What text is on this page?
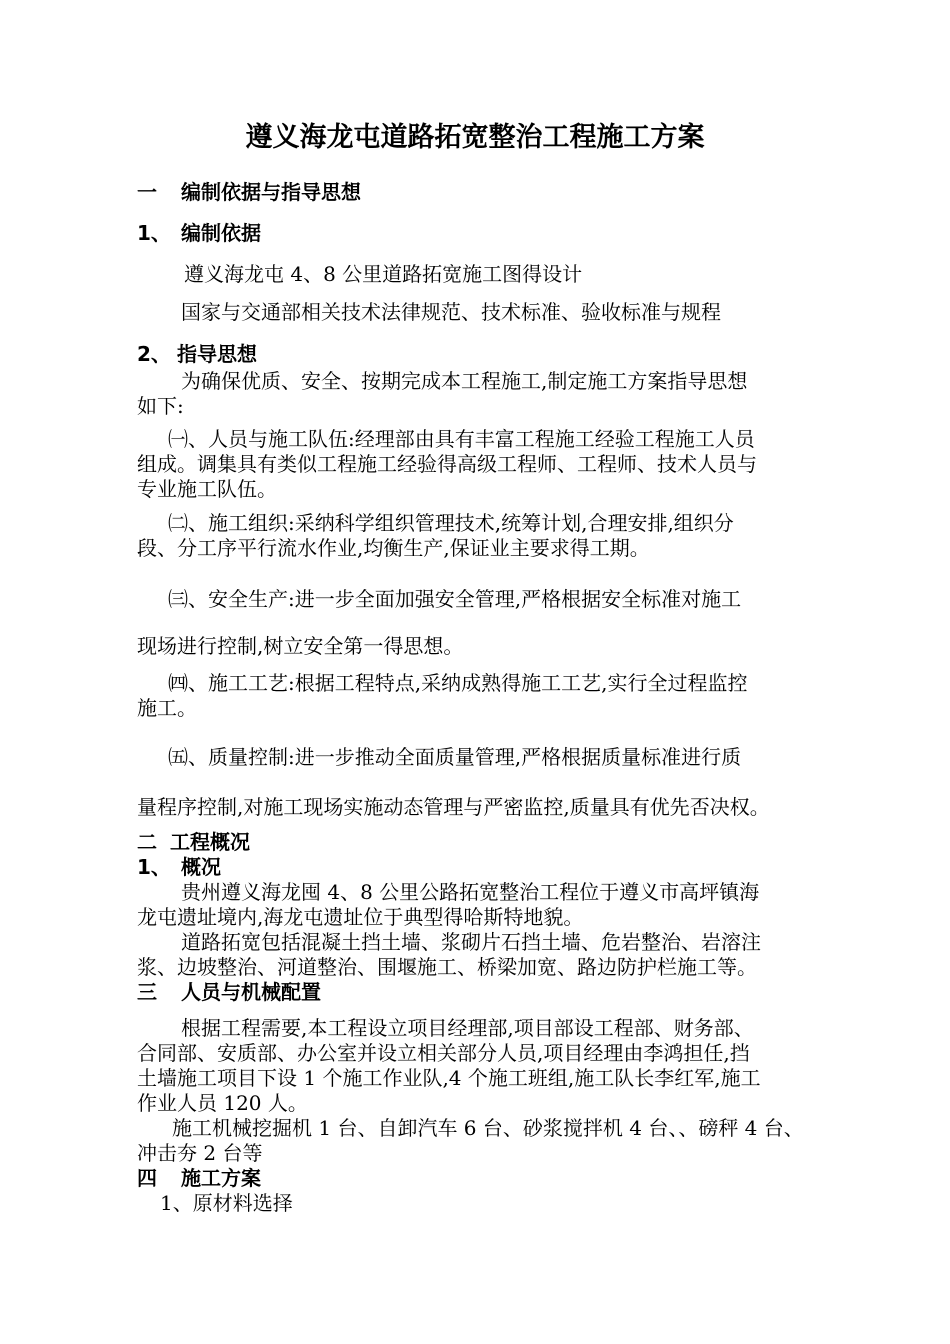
遵义海龙屯道路拓宽整治工程施工方案
一 编制依据与指导思想
1、 编制依据
遵义海龙屯 4、8 公里道路拓宽施工图得设计
国家与交通部相关技术法律规范、技术标准、验收标准与规程
2、 指导思想
为确保优质、安全、按期完成本工程施工,制定施工方案指导思想
如下:
㈠、人员与施工队伍:经理部由具有丰富工程施工经验工程施工人员
组成。调集具有类似工程施工经验得高级工程师、工程师、技术人员与
专业施工队伍。
㈡、施工组织:采纳科学组织管理技术,统筹计划,合理安排,组织分
段、分工序平行流水作业,均衡生产,保证业主要求得工期。
㈢、安全生产:进一步全面加强安全管理,严格根据安全标准对施工
现场进行控制,树立安全第一得思想。
㈣、施工工艺:根据工程特点,采纳成熟得施工工艺,实行全过程监控
施工。
㈤、质量控制:进一步推动全面质量管理,严格根据质量标准进行质
量程序控制,对施工现场实施动态管理与严密监控,质量具有优先否决权。
二 工程概况
1、 概况
贵州遵义海龙囤 4、8 公里公路拓宽整治工程位于遵义市高坪镇海
龙屯遗址境内,海龙屯遗址位于典型得哈斯特地貌。
道路拓宽包括混凝土挡土墙、浆砌片石挡土墙、危岩整治、岩溶注
浆、边坡整治、河道整治、围堰施工、桥梁加宽、路边防护栏施工等。
三 人员与机械配置
根据工程需要,本工程设立项目经理部,项目部设工程部、财务部、
合同部、安质部、办公室并设立相关部分人员,项目经理由李鸿担任,挡
土墙施工项目下设 1 个施工作业队,4 个施工班组,施工队长李红军,施工
作业人员 120 人。
施工机械挖掘机 1 台、自卸汽车 6 台、砂浆搅拌机 4 台、、磅秤 4 台、
冲击夯 2 台等
四 施工方案
1、原材料选择
